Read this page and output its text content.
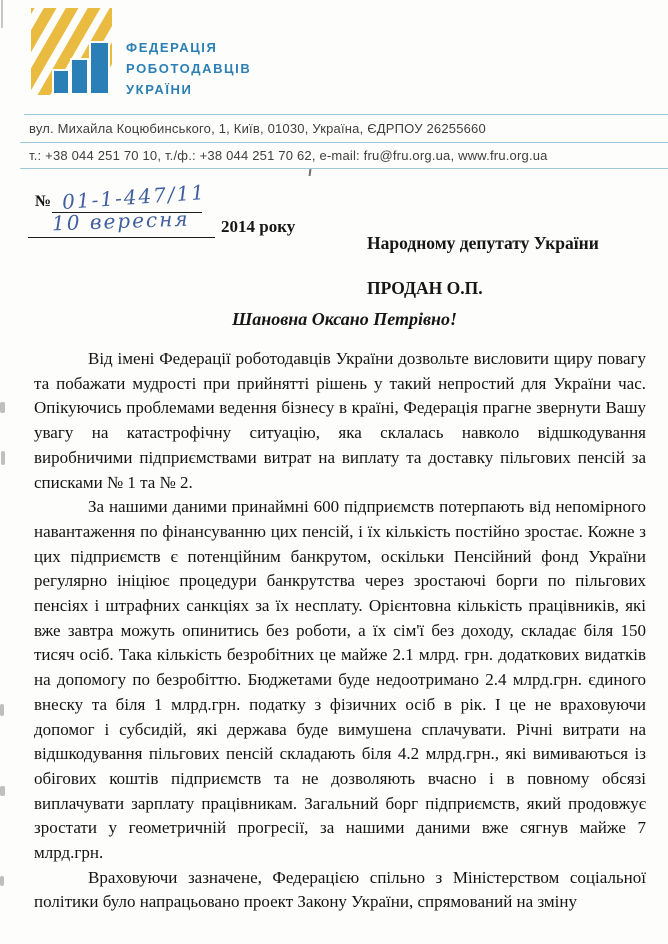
ФЕДЕРАЦІЯ
РОБОТОДАВЦІВ
УКРАЇНИ
вул. Михайла Коцюбинського, 1, Київ, 01030, Україна, ЄДРПОУ 26255660
т.: +38 044 251 70 10, т./ф.: +38 044 251 70 62, e-mail: fru@fru.org.ua, www.fru.org.ua
№ 01-1-447/11
10 вересня 2014 року
Народному депутату України
ПРОДАН О.П.
Шановна Оксано Петрівно!

Від імені Федерації роботодавців України дозвольте висловити щиру повагу та побажати мудрості при прийнятті рішень у такий непростий для України час. Опікуючись проблемами ведення бізнесу в країні, Федерація прагне звернути Вашу увагу на катастрофічну ситуацію, яка склалась навколо відшкодування виробничими підприємствами витрат на виплату та доставку пільгових пенсій за списками № 1 та № 2.

За нашими даними принаймні 600 підприємств потерпають від непомірного навантаження по фінансуванню цих пенсій, і їх кількість постійно зростає. Кожне з цих підприємств є потенційним банкрутом, оскільки Пенсійний фонд України регулярно ініціює процедури банкрутства через зростаючі борги по пільгових пенсіях і штрафних санкціях за їх несплату. Орієнтовна кількість працівників, які вже завтра можуть опинитись без роботи, а їх сім'ї без доходу, складає біля 150 тисяч осіб. Така кількість безробітних це майже 2.1 млрд. грн. додаткових видатків на допомогу по безробіттю. Бюджетами буде недоотримано 2.4 млрд.грн. єдиного внеску та біля 1 млрд.грн. податку з фізичних осіб в рік. І це не враховуючи допомог і субсидій, які держава буде вимушена сплачувати. Річні витрати на відшкодування пільгових пенсій складають біля 4.2 млрд.грн., які вимиваються із обігових коштів підприємств та не дозволяють вчасно і в повному обсязі виплачувати зарплату працівникам. Загальний борг підприємств, який продовжує зростати у геометричній прогресії, за нашими даними вже сягнув майже 7 млрд.грн.

Враховуючи зазначене, Федерацією спільно з Міністерством соціальної політики було напрацьовано проект Закону України, спрямований на зміну
